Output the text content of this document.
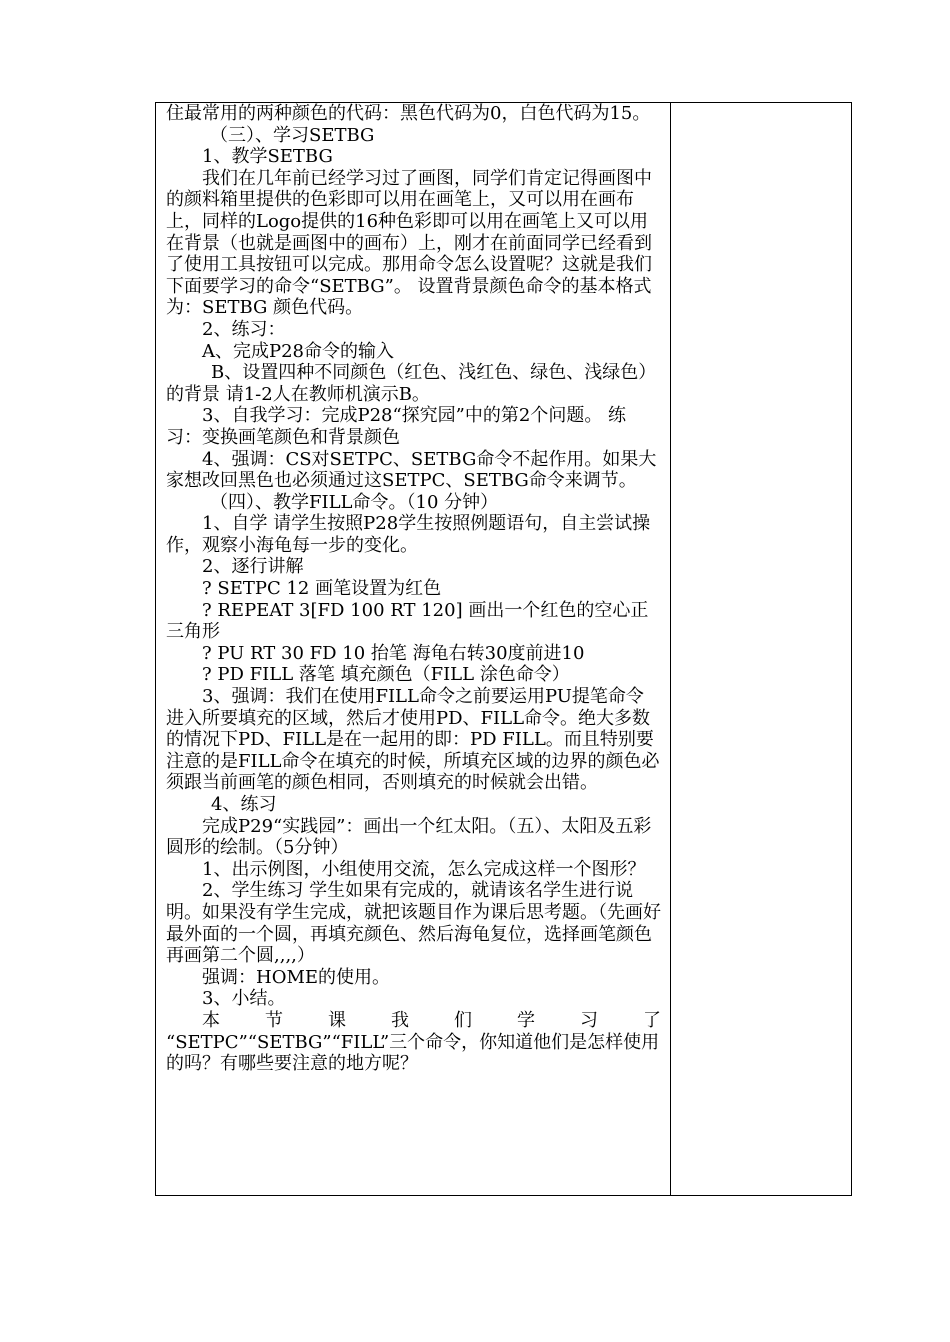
住最常用的两种颜色的代码：黑色代码为0，白色代码为15。

（三）、学习SETBG

1、教学SETBG

我们在几年前已经学习过了画图，同学们肯定记得画图中的颜料箱里提供的色彩即可以用在画笔上，又可以用在画布上，同样的Logo提供的16种色彩即可以用在画笔上又可以用在背景（也就是画图中的画布）上，刚才在前面同学已经看到了使用工具按钮可以完成。那用命令怎么设置呢？这就是我们下面要学习的命令“SETBG”。 设置背景颜色命令的基本格式为：SETBG 颜色代码。

2、练习：

A、完成P28命令的输入

B、设置四种不同颜色（红色、浅红色、绿色、浅绿色）的背景 请1-2人在教师机演示B。

3、自我学习：完成P28“探究园”中的第2个问题。 练习：变换画笔颜色和背景颜色

4、强调：CS对SETPC、SETBG命令不起作用。如果大家想改回黑色也必须通过这SETPC、SETBG命令来调节。

（四）、教学FILL命令。（10 分钟）

1、自学 请学生按照P28学生按照例题语句，自主尝试操作，观察小海龟每一步的变化。

2、逐行讲解

? SETPC 12 画笔设置为红色

? REPEAT 3[FD 100 RT 120] 画出一个红色的空心正三角形

? PU RT 30 FD 10 抬笔 海龟右转30度前进10

? PD FILL 落笔 填充颜色（FILL 涂色命令）

3、强调：我们在使用FILL命令之前要运用PU提笔命令进入所要填充的区域，然后才使用PD、FILL命令。绝大多数的情况下PD、FILL是在一起用的即：PD FILL。而且特别要注意的是FILL命令在填充的时候，所填充区域的边界的颜色必须跟当前画笔的颜色相同，否则填充的时候就会出错。

4、练习

完成P29“实践园”：画出一个红太阳。（五）、太阳及五彩圆形的绘制。（5分钟）

1、出示例图，小组使用交流，怎么完成这样一个图形？

2、学生练习 学生如果有完成的，就请该名学生进行说明。如果没有学生完成，就把该题目作为课后思考题。（先画好最外面的一个圆，再填充颜色、然后海龟复位，选择画笔颜色再画第二个圆,,,,）

强调：HOME的使用。

3、小结。

本节课我们学习了

“SETPC”“SETBG”“FILL”三个命令，你知道他们是怎样使用的吗？有哪些要注意的地方呢？
